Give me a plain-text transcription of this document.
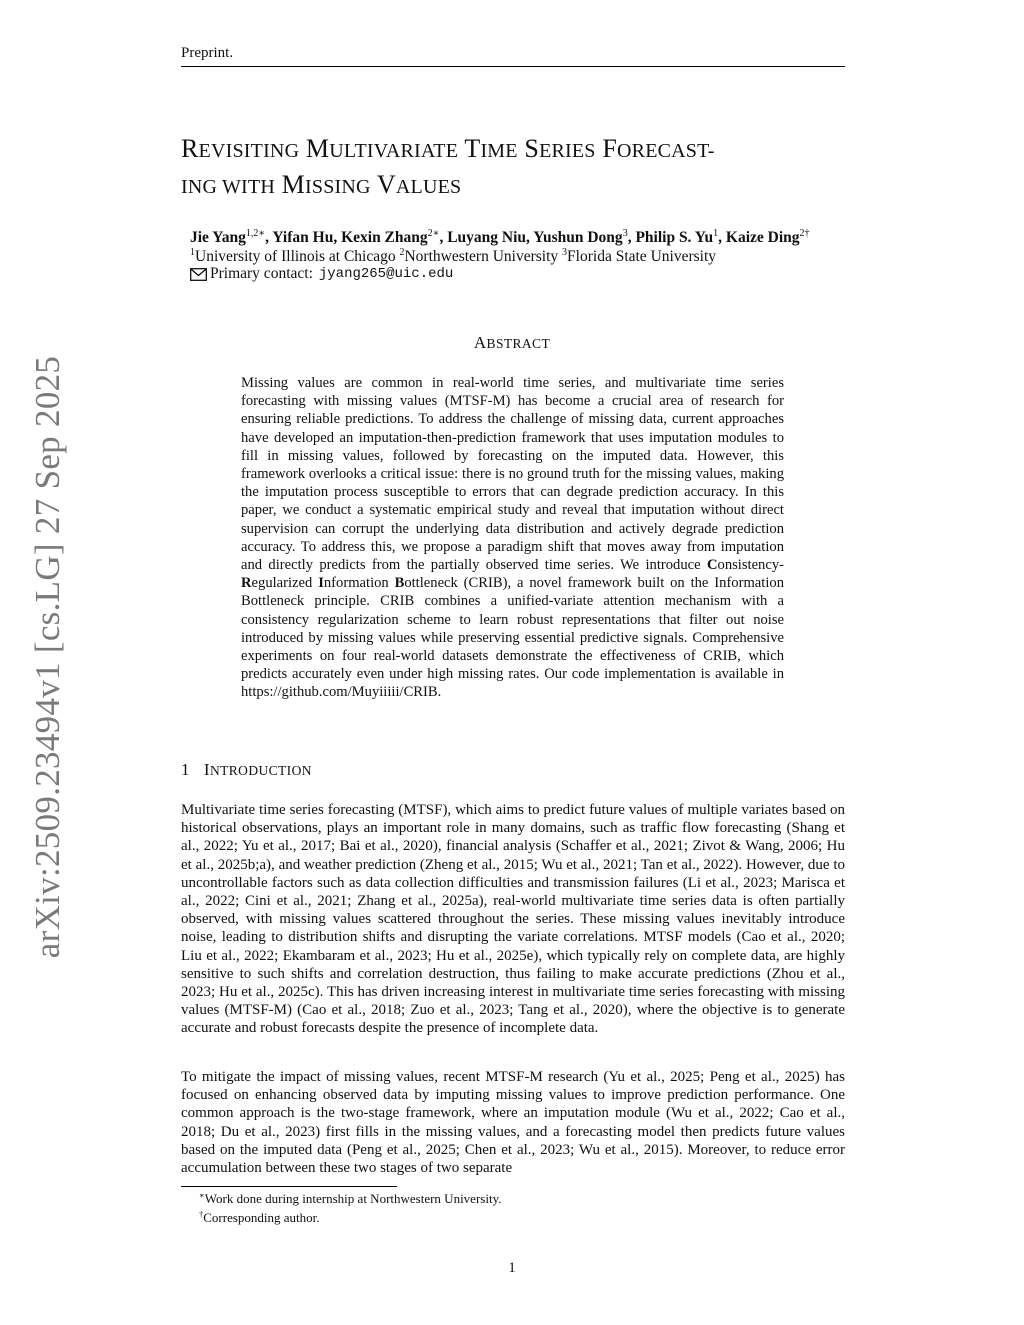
Preprint.
arXiv:2509.23494v1 [cs.LG] 27 Sep 2025
REVISITING MULTIVARIATE TIME SERIES FORECAST-
ING WITH MISSING VALUES
Jie Yang$^{1,2∗}$, Yifan Hu, Kexin Zhang$^{2∗}$, Luyang Niu, Yushun Dong$^3$, Philip S. Yu$^1$, Kaize Ding$^{2\dagger}$
$^1$University of Illinois at Chicago $^2$Northwestern University $^3$Florida State University
Primary contact: jyang265@uic.edu
ABSTRACT
Missing values are common in real-world time series, and multivariate time series forecasting with missing values (MTSF-M) has become a crucial area of research for ensuring reliable predictions. To address the challenge of missing data, current approaches have developed an imputation-then-prediction framework that uses imputation modules to fill in missing values, followed by forecasting on the imputed data. However, this framework overlooks a critical issue: there is no ground truth for the missing values, making the imputation process susceptible to errors that can degrade prediction accuracy. In this paper, we conduct a systematic empirical study and reveal that imputation without direct supervision can corrupt the underlying data distribution and actively degrade prediction accuracy. To address this, we propose a paradigm shift that moves away from imputation and directly predicts from the partially observed time series. We introduce Consistency- Regularized Information Bottleneck (CRIB), a novel framework built on the Information Bottleneck principle. CRIB combines a unified-variate attention mechanism with a consistency regularization scheme to learn robust representations that filter out noise introduced by missing values while preserving essential predictive signals. Comprehensive experiments on four real-world datasets demonstrate the effectiveness of CRIB, which predicts accurately even under high missing rates. Our code implementation is available in https://github.com/Muyiiiii/CRIB.
1 INTRODUCTION
Multivariate time series forecasting (MTSF), which aims to predict future values of multiple variates based on historical observations, plays an important role in many domains, such as traffic flow forecasting (Shang et al., 2022; Yu et al., 2017; Bai et al., 2020), financial analysis (Schaffer et al., 2021; Zivot & Wang, 2006; Hu et al., 2025b;a), and weather prediction (Zheng et al., 2015; Wu et al., 2021; Tan et al., 2022). However, due to uncontrollable factors such as data collection difficulties and transmission failures (Li et al., 2023; Marisca et al., 2022; Cini et al., 2021; Zhang et al., 2025a), real-world multivariate time series data is often partially observed, with missing values scattered throughout the series. These missing values inevitably introduce noise, leading to distribution shifts and disrupting the variate correlations. MTSF models (Cao et al., 2020; Liu et al., 2022; Ekambaram et al., 2023; Hu et al., 2025e), which typically rely on complete data, are highly sensitive to such shifts and correlation destruction, thus failing to make accurate predictions (Zhou et al., 2023; Hu et al., 2025c). This has driven increasing interest in multivariate time series forecasting with missing values (MTSF-M) (Cao et al., 2018; Zuo et al., 2023; Tang et al., 2020), where the objective is to generate accurate and robust forecasts despite the presence of incomplete data.
To mitigate the impact of missing values, recent MTSF-M research (Yu et al., 2025; Peng et al., 2025) has focused on enhancing observed data by imputing missing values to improve prediction performance. One common approach is the two-stage framework, where an imputation module (Wu et al., 2022; Cao et al., 2018; Du et al., 2023) first fills in the missing values, and a forecasting model then predicts future values based on the imputed data (Peng et al., 2025; Chen et al., 2023; Wu et al., 2015). Moreover, to reduce error accumulation between these two stages of two separate
∗Work done during internship at Northwestern University.
†Corresponding author.
1
